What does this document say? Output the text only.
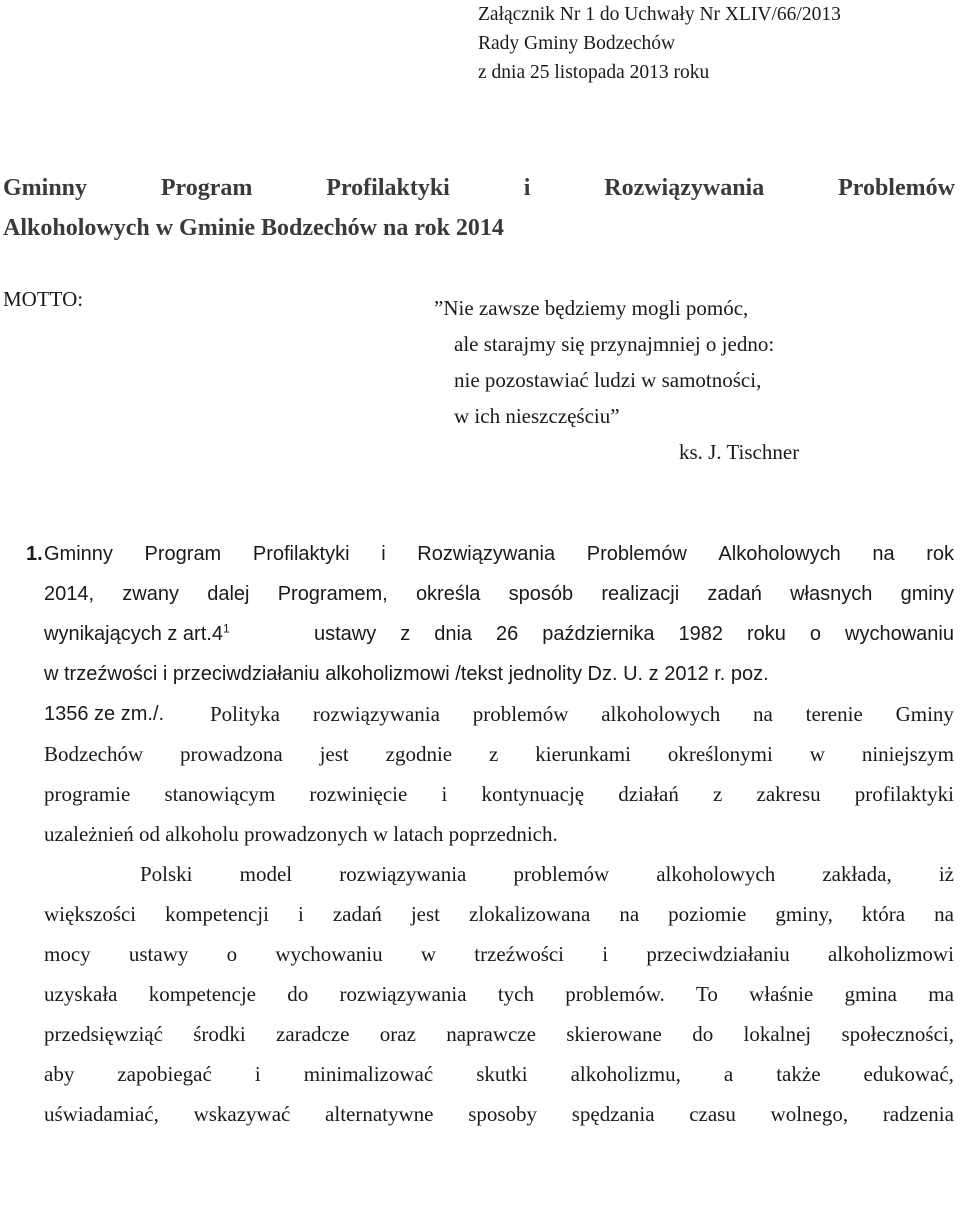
Załącznik Nr 1 do Uchwały Nr XLIV/66/2013
Rady Gminy Bodzechów
z dnia 25 listopada 2013 roku
Gminny	Program	Profilaktyki	i	Rozwiązywania	Problemów
Alkoholowych w Gminie Bodzechów na rok 2014
MOTTO:	”Nie zawsze będziemy mogli pomóc,
ale starajmy się przynajmniej o jedno:
nie pozostawiać ludzi w samotności,
w ich nieszczęściu”
ks. J. Tischner
1. Gminny Program Profilaktyki i Rozwiązywania Problemów Alkoholowych na rok
2014, zwany dalej Programem, określa sposób realizacji zadań własnych gminy
wynikających z $art.4^1$	ustawy z dnia 26 października 1982 roku o wychowaniu
w trzeźwości i przeciwdziałaniu alkoholizmowi /tekst jednolity Dz. U. z 2012 r. poz.
1356 ze zm./. Polityka rozwiązywania problemów alkoholowych na terenie Gminy
Bodzechów prowadzona jest zgodnie z kierunkami określonymi w niniejszym
programie stanowiącym rozwinięcie i kontynuację działań z zakresu profilaktyki
uzależnień od alkoholu prowadzonych w latach poprzednich.
Polski model rozwiązywania problemów alkoholowych zakłada, iż
większości kompetencji i zadań jest zlokalizowana na poziomie gminy, która na
mocy ustawy o wychowaniu w trzeźwości i przeciwdziałaniu alkoholizmowi
uzyskała kompetencje do rozwiązywania tych problemów. To właśnie gmina ma
przedsięwziąć środki zaradcze oraz naprawcze skierowane do lokalnej społeczności,
aby zapobiegać i minimalizować skutki alkoholizmu, a także edukować,
uświadamiać, wskazywać alternatywne sposoby spędzania czasu wolnego, radzenia
